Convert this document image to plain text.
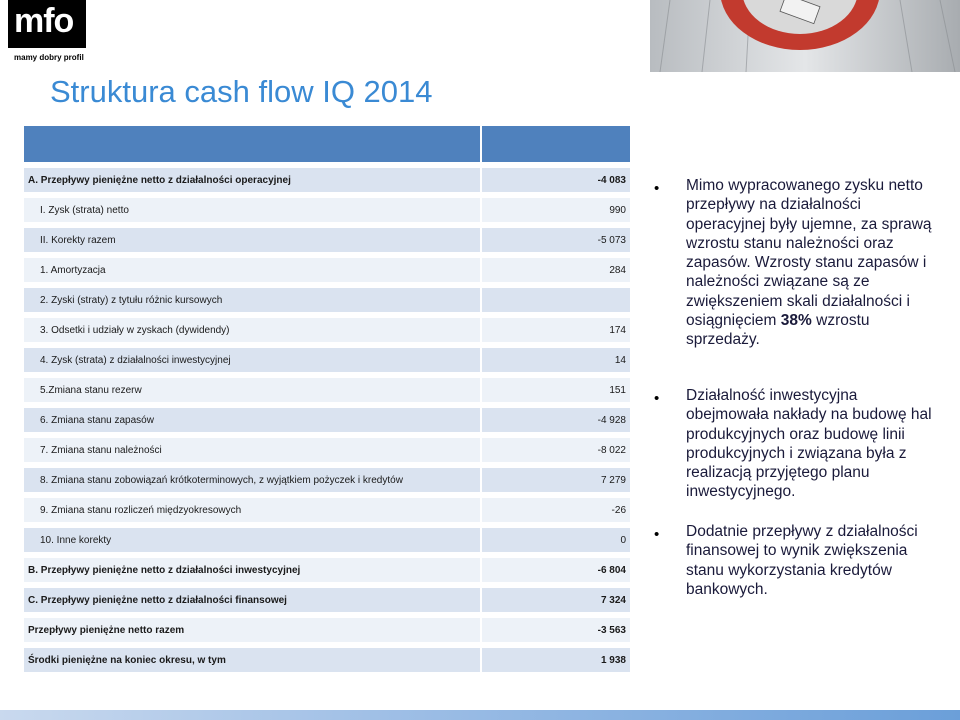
mfo
mamy dobry profil
Struktura cash flow IQ 2014
A. Przepływy pieniężne netto z działalności operacyjnej	-4 083
I. Zysk (strata) netto	990
II. Korekty razem	-5 073
1. Amortyzacja	284
2. Zyski (straty) z tytułu różnic kursowych
3. Odsetki i udziały w zyskach (dywidendy)	174
4. Zysk (strata) z działalności inwestycyjnej	14
5.Zmiana stanu rezerw	151
6. Zmiana stanu zapasów	-4 928
7. Zmiana stanu należności	-8 022
8. Zmiana stanu zobowiązań krótkoterminowych, z wyjątkiem pożyczek i kredytów	7 279
9. Zmiana stanu rozliczeń międzyokresowych	-26
10. Inne korekty	0
B. Przepływy pieniężne netto z działalności inwestycyjnej	-6 804
C. Przepływy pieniężne netto z działalności finansowej	7 324
Przepływy pieniężne netto razem	-3 563
Środki pieniężne na koniec okresu, w tym	1 938
• Mimo wypracowanego zysku netto przepływy na działalności operacyjnej były ujemne, za sprawą wzrostu stanu należności oraz zapasów. Wzrosty stanu zapasów i należności związane są ze zwiększeniem skali działalności i osiągnięciem 38% wzrostu sprzedaży.
• Działalność inwestycyjna obejmowała nakłady na budowę hal produkcyjnych oraz budowę linii produkcyjnych i związana była z realizacją przyjętego planu inwestycyjnego.
• Dodatnie przepływy z działalności finansowej to wynik zwiększenia stanu wykorzystania kredytów bankowych.
